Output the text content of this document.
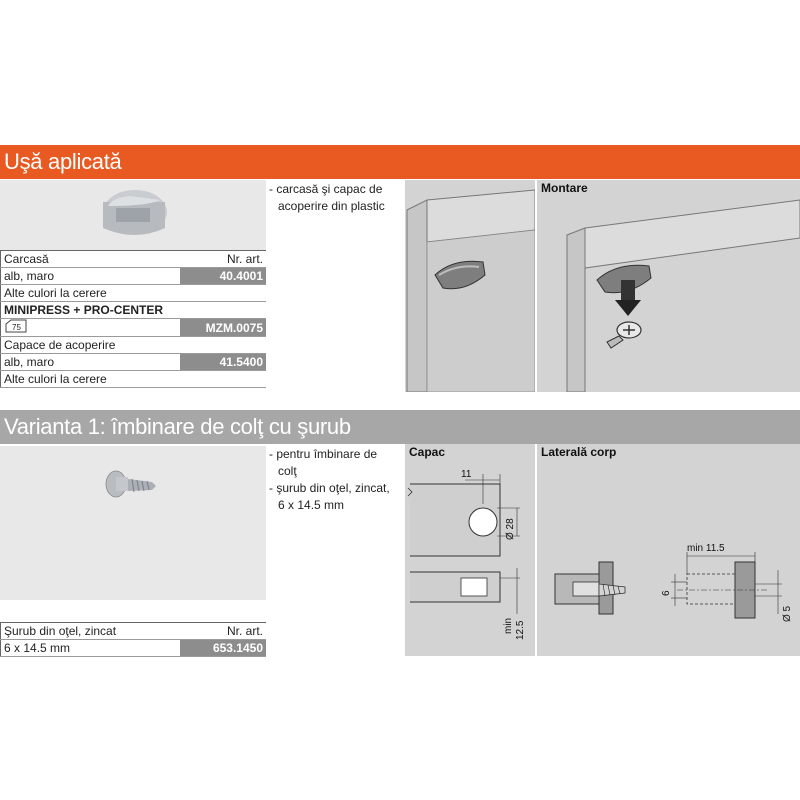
Uşă aplicată
Carcasă	Nr. art.
alb, maro	40.4001
Alte culori la cerere	
MINIPRESS + PRO-CENTER	

75	MZM.0075
Capace de acoperire	
alb, maro	41.5400
Alte culori la cerere	
- carcasă şi capac de
acoperire din plastic
Montare
Varianta 1: îmbinare de colţ cu şurub
- pentru îmbinare de
colţ
- şurub din oţel, zincat,
6 x 14.5 mm
Şurub din oţel, zincat	Nr. art.
6 x 14.5 mm	653.1450
Capac
11
Ø 28
min 12.5
Laterală corp
min 11.5
6
Ø 5
